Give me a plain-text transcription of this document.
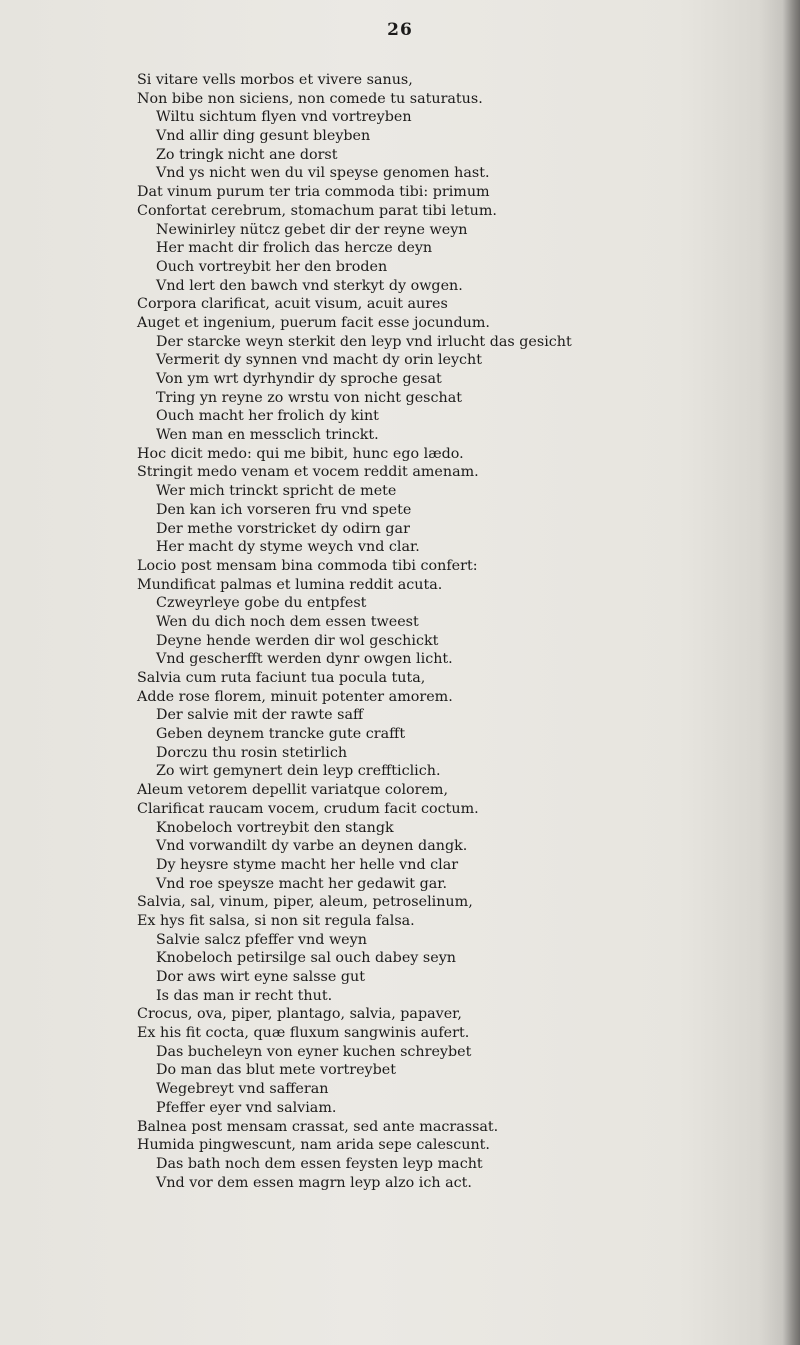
26
Si vitare vells morbos et vivere sanus,
Non bibe non siciens, non comede tu saturatus.
Wiltu sichtum flyen vnd vortreyben
Vnd allir ding gesunt bleyben
Zo tringk nicht ane dorst
Vnd ys nicht wen du vil speyse genomen hast.
Dat vinum purum ter tria commoda tibi: primum
Confortat cerebrum, stomachum parat tibi letum.
Newinirley nütcz gebet dir der reyne weyn
Her macht dir frolich das hercze deyn
Ouch vortreybit her den broden
Vnd lert den bawch vnd sterkyt dy owgen.
Corpora clarificat, acuit visum, acuit aures
Auget et ingenium, puerum facit esse jocundum.
Der starcke weyn sterkit den leyp vnd irlucht das gesicht
Vermerit dy synnen vnd macht dy orin leycht
Von ym wrt dyrhyndir dy sproche gesat
Tring yn reyne zo wrstu von nicht geschat
Ouch macht her frolich dy kint
Wen man en messclich trinckt.
Hoc dicit medo: qui me bibit, hunc ego lædo.
Stringit medo venam et vocem reddit amenam.
Wer mich trinckt spricht de mete
Den kan ich vorseren fru vnd spete
Der methe vorstricket dy odirn gar
Her macht dy styme weych vnd clar.
Locio post mensam bina commoda tibi confert:
Mundificat palmas et lumina reddit acuta.
Czweyrleye gobe du entpfest
Wen du dich noch dem essen tweest
Deyne hende werden dir wol geschickt
Vnd gescherfft werden dynr owgen licht.
Salvia cum ruta faciunt tua pocula tuta,
Adde rose florem, minuit potenter amorem.
Der salvie mit der rawte saff
Geben deynem trancke gute crafft
Dorczu thu rosin stetirlich
Zo wirt gemynert dein leyp creffticlich.
Aleum vetorem depellit variatque colorem,
Clarificat raucam vocem, crudum facit coctum.
Knobeloch vortreybit den stangk
Vnd vorwandilt dy varbe an deynen dangk.
Dy heysre styme macht her helle vnd clar
Vnd roe speysze macht her gedawit gar.
Salvia, sal, vinum, piper, aleum, petroselinum,
Ex hys fit salsa, si non sit regula falsa.
Salvie salcz pfeffer vnd weyn
Knobeloch petirsilge sal ouch dabey seyn
Dor aws wirt eyne salsse gut
Is das man ir recht thut.
Crocus, ova, piper, plantago, salvia, papaver,
Ex his fit cocta, quæ fluxum sangwinis aufert.
Das bucheleyn von eyner kuchen schreybet
Do man das blut mete vortreybet
Wegebreyt vnd safferan
Pfeffer eyer vnd salviam.
Balnea post mensam crassat, sed ante macrassat.
Humida pingwescunt, nam arida sepe calescunt.
Das bath noch dem essen feysten leyp macht
Vnd vor dem essen magrn leyp alzo ich act.
